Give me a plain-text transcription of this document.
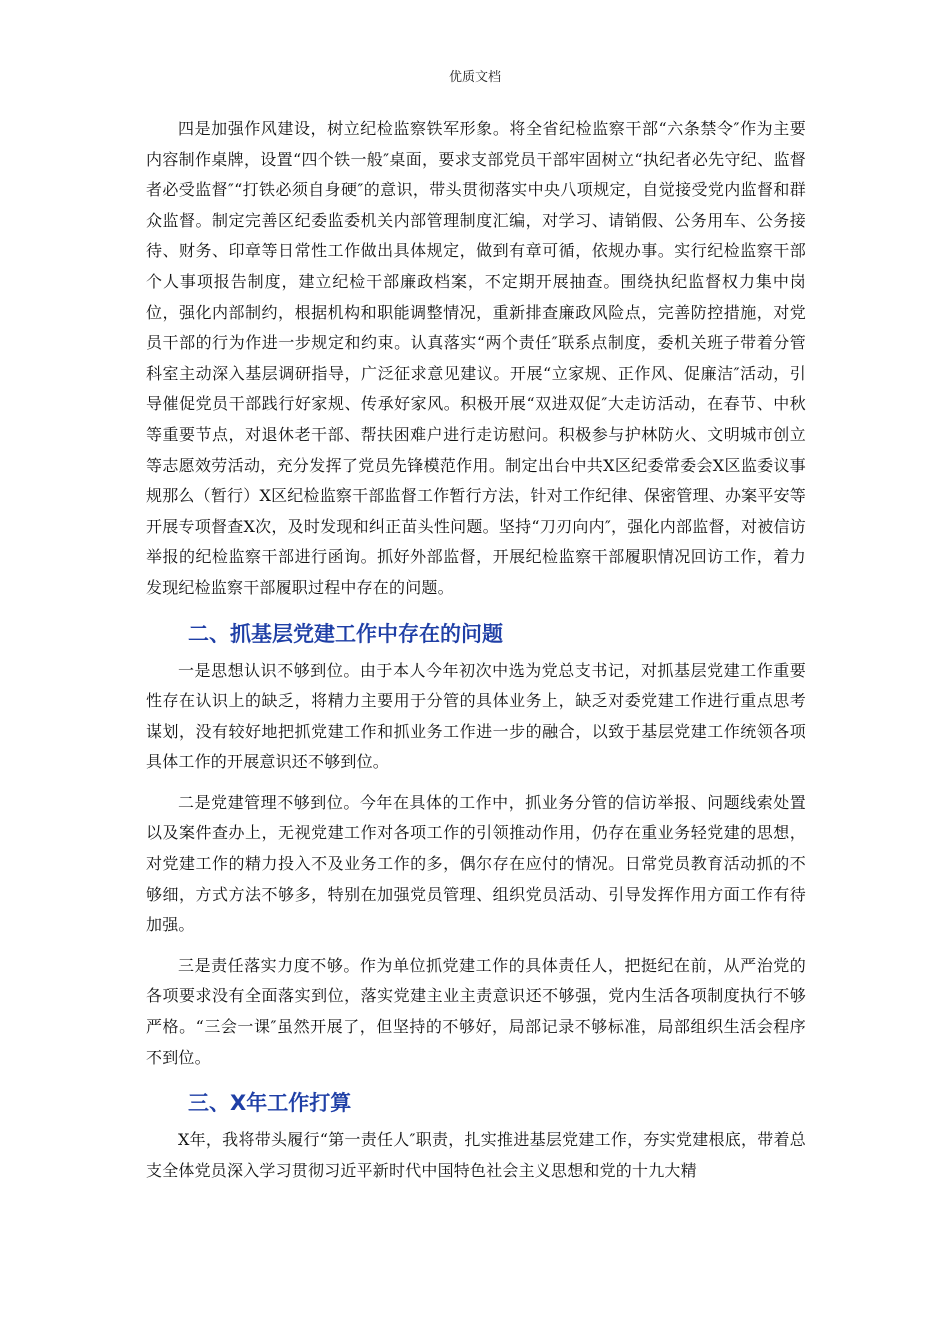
优质文档

四是加强作风建设，树立纪检监察铁军形象。将全省纪检监察干部“六条禁令″作为主要内容制作桌牌，设置“四个铁一般″桌面，要求支部党员干部牢固树立“执纪者必先守纪、监督者必受监督″“打铁必须自身硬″的意识，带头贯彻落实中央八项规定，自觉接受党内监督和群众监督。制定完善区纪委监委机关内部管理制度汇编，对学习、请销假、公务用车、公务接待、财务、印章等日常性工作做出具体规定，做到有章可循，依规办事。实行纪检监察干部个人事项报告制度，建立纪检干部廉政档案，不定期开展抽查。围绕执纪监督权力集中岗位，强化内部制约，根据机构和职能调整情况，重新排查廉政风险点，完善防控措施，对党员干部的行为作进一步规定和约束。认真落实“两个责任″联系点制度，委机关班子带着分管科室主动深入基层调研指导，广泛征求意见建议。开展“立家规、正作风、促廉洁″活动，引导催促党员干部践行好家规、传承好家风。积极开展“双进双促″大走访活动，在春节、中秋等重要节点，对退休老干部、帮扶困难户进行走访慰问。积极参与护林防火、文明城市创立等志愿效劳活动，充分发挥了党员先锋模范作用。制定出台中共X区纪委常委会X区监委议事规那么（暂行）X区纪检监察干部监督工作暂行方法，针对工作纪律、保密管理、办案平安等开展专项督查X次，及时发现和纠正苗头性问题。坚持“刀刃向内″，强化内部监督，对被信访举报的纪检监察干部进行函询。抓好外部监督，开展纪检监察干部履职情况回访工作，着力发现纪检监察干部履职过程中存在的问题。

二、抓基层党建工作中存在的问题

一是思想认识不够到位。由于本人今年初次中选为党总支书记，对抓基层党建工作重要性存在认识上的缺乏，将精力主要用于分管的具体业务上，缺乏对委党建工作进行重点思考谋划，没有较好地把抓党建工作和抓业务工作进一步的融合，以致于基层党建工作统领各项具体工作的开展意识还不够到位。

二是党建管理不够到位。今年在具体的工作中，抓业务分管的信访举报、问题线索处置以及案件查办上，无视党建工作对各项工作的引领推动作用，仍存在重业务轻党建的思想，对党建工作的精力投入不及业务工作的多，偶尔存在应付的情况。日常党员教育活动抓的不够细，方式方法不够多，特别在加强党员管理、组织党员活动、引导发挥作用方面工作有待加强。

三是责任落实力度不够。作为单位抓党建工作的具体责任人，把挺纪在前，从严治党的各项要求没有全面落实到位，落实党建主业主责意识还不够强，党内生活各项制度执行不够严格。“三会一课″虽然开展了，但坚持的不够好，局部记录不够标准，局部组织生活会程序不到位。

三、X年工作打算

X年，我将带头履行“第一责任人″职责，扎实推进基层党建工作，夯实党建根底，带着总支全体党员深入学习贯彻习近平新时代中国特色社会主义思想和党的十九大精
